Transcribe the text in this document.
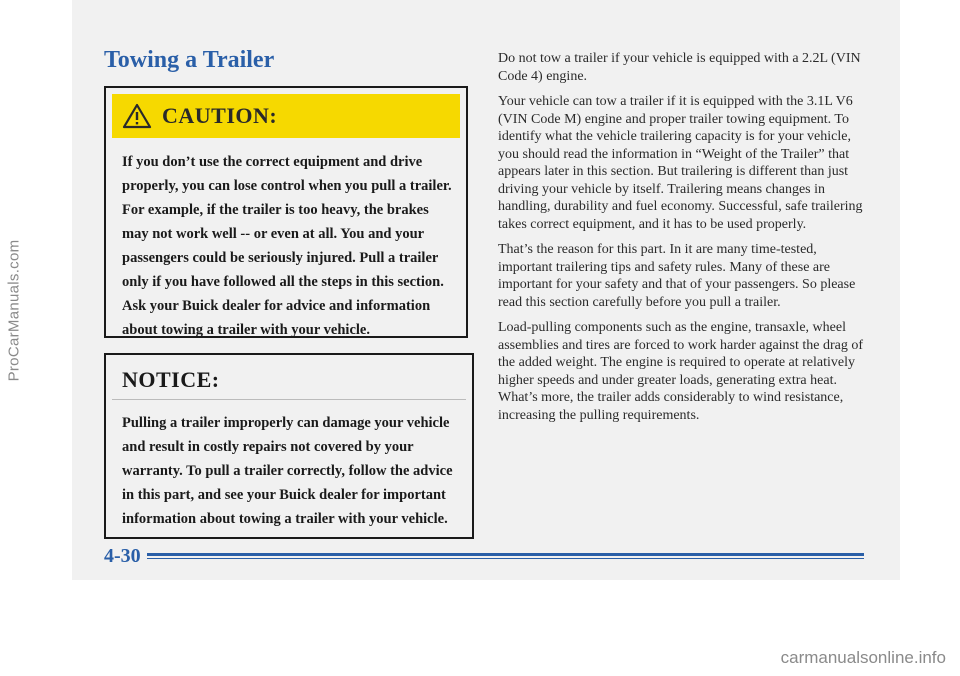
ProCarManuals.com
Towing a Trailer
CAUTION:

If you don’t use the correct equipment and drive properly, you can lose control when you pull a trailer. For example, if the trailer is too heavy, the brakes may not work well -- or even at all. You and your passengers could be seriously injured. Pull a trailer only if you have followed all the steps in this section. Ask your Buick dealer for advice and information about towing a trailer with your vehicle.

NOTICE:

Pulling a trailer improperly can damage your vehicle and result in costly repairs not covered by your warranty. To pull a trailer correctly, follow the advice in this part, and see your Buick dealer for important information about towing a trailer with your vehicle.

Do not tow a trailer if your vehicle is equipped with a 2.2L (VIN Code 4) engine.

Your vehicle can tow a trailer if it is equipped with the 3.1L V6 (VIN Code M) engine and proper trailer towing equipment. To identify what the vehicle trailering capacity is for your vehicle, you should read the information in “Weight of the Trailer” that appears later in this section. But trailering is different than just driving your vehicle by itself. Trailering means changes in handling, durability and fuel economy. Successful, safe trailering takes correct equipment, and it has to be used properly.

That’s the reason for this part. In it are many time-tested, important trailering tips and safety rules. Many of these are important for your safety and that of your passengers. So please read this section carefully before you pull a trailer.

Load-pulling components such as the engine, transaxle, wheel assemblies and tires are forced to work harder against the drag of the added weight. The engine is required to operate at relatively higher speeds and under greater loads, generating extra heat. What’s more, the trailer adds considerably to wind resistance, increasing the pulling requirements.

4-30
carmanualsonline.info
